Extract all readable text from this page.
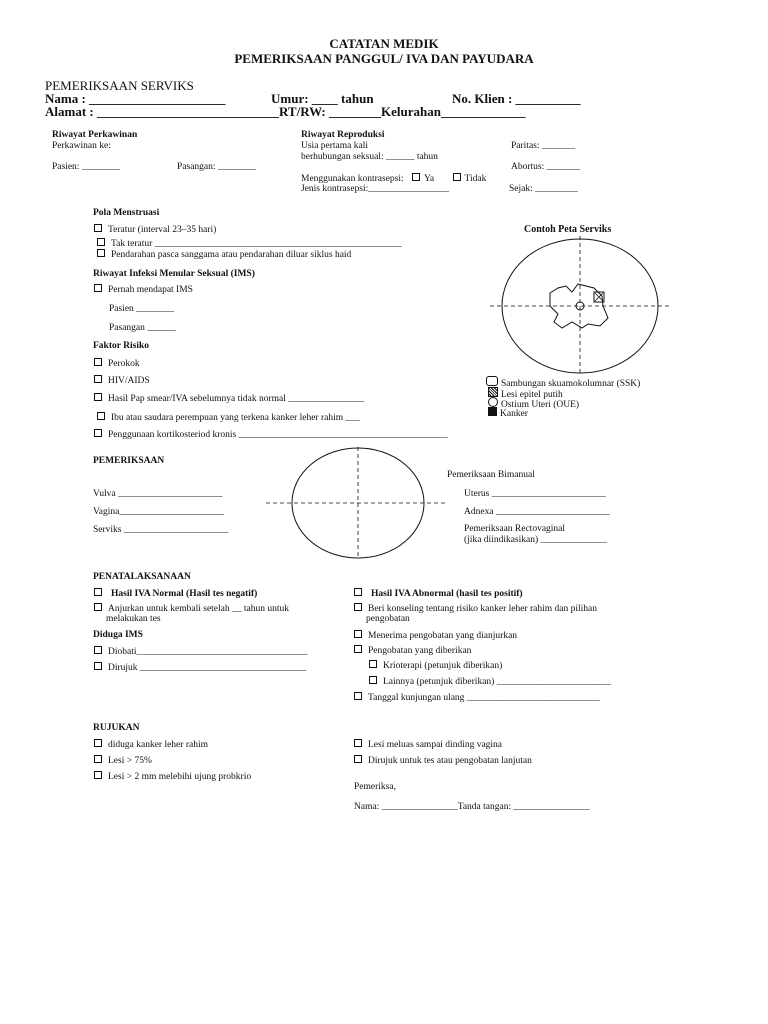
CATATAN MEDIK
PEMERIKSAAN PANGGUL/ IVA DAN PAYUDARA
PEMERIKSAAN SERVIKS
Nama : _____________________	Umur: ____ tahun	No. Klien : __________
Alamat : ____________________________RT/RW: ________Kelurahan_____________
Riwayat Perkawinan
Perkawinan ke:
Pasien: ________	Pasangan: ________
Riwayat Reproduksi
Usia pertama kali
berhubungan seksual: ______ tahun
Paritas: _______
Abortus: _______
Menggunakan kontrasepsi: Ya	Tidak
Jenis kontrasepsi:_________________	Sejak: _________
Pola Menstruasi
Teratur (interval 23–35 hari)
Tak teratur ____________________________________________________
Pendarahan pasca sanggama atau pendarahan diluar siklus haid
Riwayat Infeksi Menular Seksual (IMS)
Pernah mendapat IMS
Pasien ________
Pasangan ______
Faktor Risiko
Perokok
HIV/AIDS
Hasil Pap smear/IVA sebelumnya tidak normal ________________
Ibu atau saudara perempuan yang terkena kanker leher rahim ___
Penggunaan kortikosteriod kronis ____________________________________________
Contoh Peta Serviks
Sambungan skuamokolumnar (SSK)
Lesi epitel putih
Ostium Uteri (OUE)
Kanker
PEMERIKSAAN
Vulva ______________________
Vagina______________________
Serviks ______________________
Pemeriksaan Bimanual
Uterus ________________________
Adnexa ________________________
Pemeriksaan Rectovaginal
(jika diindikasikan) ______________
PENATALAKSANAAN
Hasil IVA Normal (Hasil tes negatif)
Anjurkan untuk kembali setelah __ tahun untuk
melakukan tes
Diduga IMS
Diobati____________________________________
Dirujuk ___________________________________
Hasil IVA Abnormal (hasil tes positif)
Beri konseling tentang risiko kanker leher rahim dan pilihan
pengobatan
Menerima pengobatan yang dianjurkan
Pengobatan yang diberikan
Krioterapi (petunjuk diberikan)
Lainnya (petunjuk diberikan) ________________________
Tanggal kunjungan ulang ____________________________
RUJUKAN
diduga kanker leher rahim
Lesi > 75%
Lesi > 2 mm melebihi ujung probkrio
Lesi meluas sampai dinding vagina
Dirujuk untuk tes atau pengobatan lanjutan
Pemeriksa,
Nama: ________________Tanda tangan: ________________
